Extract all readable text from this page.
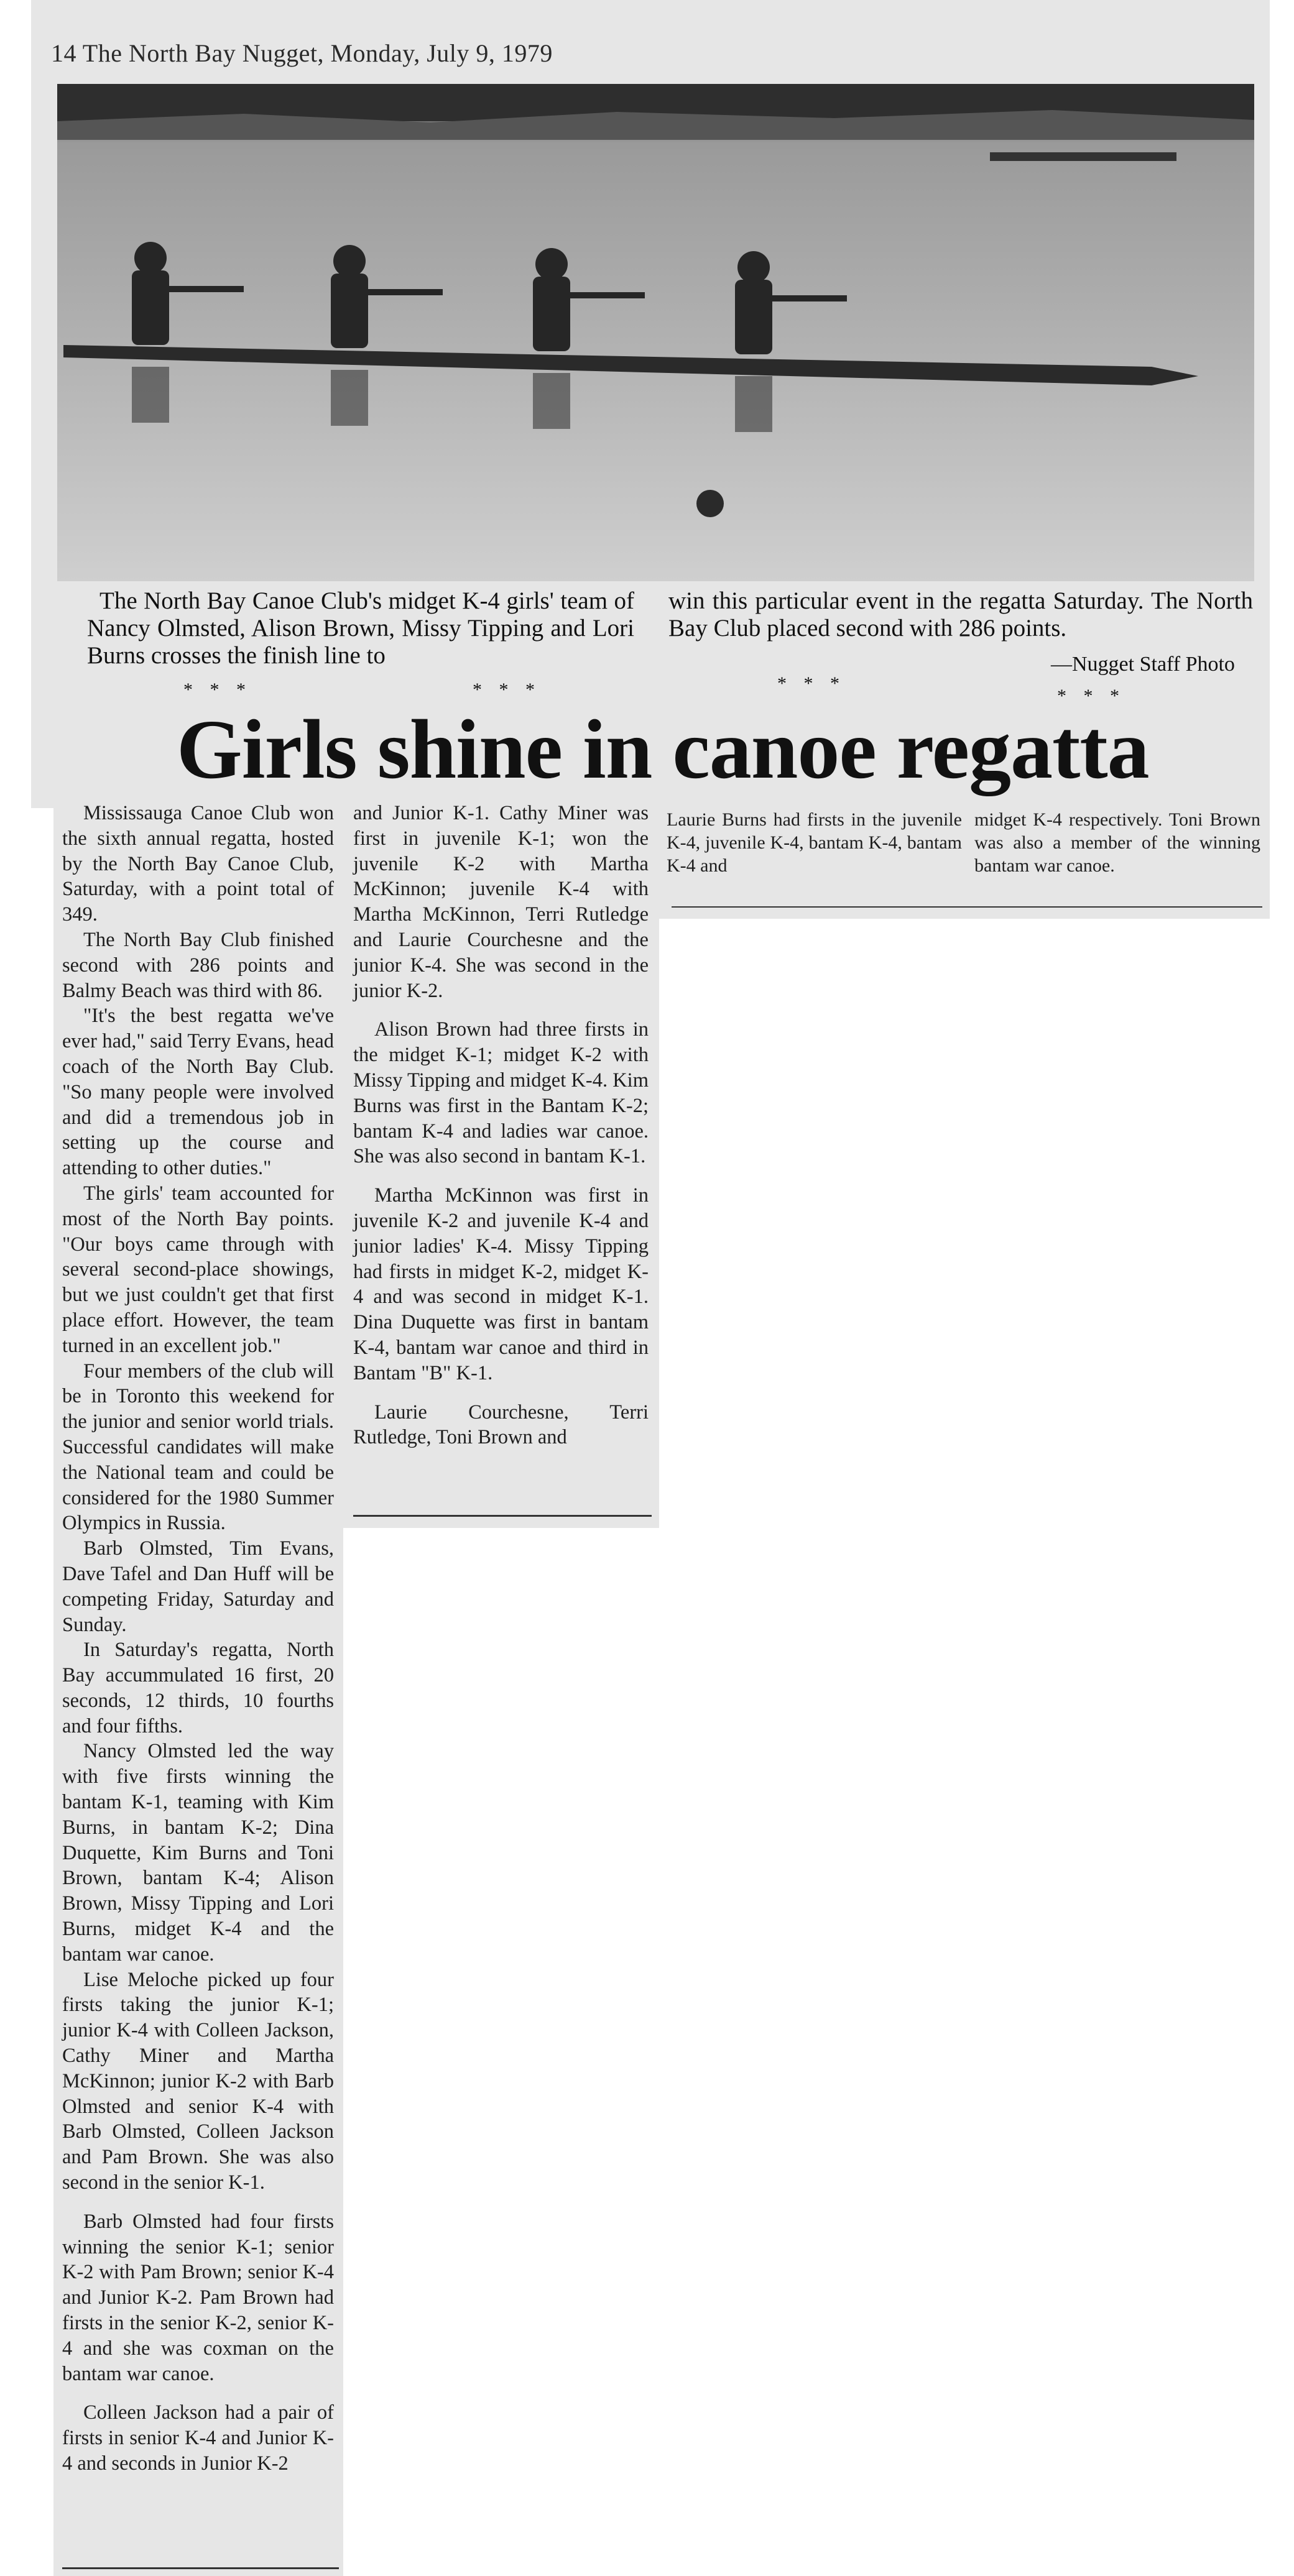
14 The North Bay Nugget, Monday, July 9, 1979
The North Bay Canoe Club's midget K-4 girls' team of Nancy Olmsted, Alison Brown, Missy Tipping and Lori Burns crosses the finish line to
win this particular event in the regatta Saturday. The North Bay Club placed second with 286 points.
—Nugget Staff Photo
* * *	* * *	* * *
* * *
Girls shine in canoe regatta

Mississauga Canoe Club won the sixth annual regatta, hosted by the North Bay Canoe Club, Saturday, with a point total of 349.

The North Bay Club finished second with 286 points and Balmy Beach was third with 86.

"It's the best regatta we've ever had," said Terry Evans, head coach of the North Bay Club. "So many people were involved and did a tremendous job in setting up the course and attending to other duties."

The girls' team accounted for most of the North Bay points. "Our boys came through with several second-place showings, but we just couldn't get that first place effort. However, the team turned in an excellent job."

Four members of the club will be in Toronto this weekend for the junior and senior world trials. Successful candidates will make the National team and could be considered for the 1980 Summer Olympics in Russia.

Barb Olmsted, Tim Evans, Dave Tafel and Dan Huff will be competing Friday, Saturday and Sunday.

In Saturday's regatta, North Bay accummulated 16 first, 20 seconds, 12 thirds, 10 fourths and four fifths.

Nancy Olmsted led the way with five firsts winning the bantam K-1, teaming with Kim Burns, in bantam K-2; Dina Duquette, Kim Burns and Toni Brown, bantam K-4; Alison Brown, Missy Tipping and Lori Burns, midget K-4 and the bantam war canoe.

Lise Meloche picked up four firsts taking the junior K-1; junior K-4 with Colleen Jackson, Cathy Miner and Martha McKinnon; junior K-2 with Barb Olmsted and senior K-4 with Barb Olmsted, Colleen Jackson and Pam Brown. She was also second in the senior K-1.

Barb Olmsted had four firsts winning the senior K-1; senior K-2 with Pam Brown; senior K-4 and Junior K-2. Pam Brown had firsts in the senior K-2, senior K-4 and she was coxman on the bantam war canoe.

Colleen Jackson had a pair of firsts in senior K-4 and Junior K-4 and seconds in Junior K-2

and Junior K-1. Cathy Miner was first in juvenile K-1; won the juvenile K-2 with Martha McKinnon; juvenile K-4 with Martha McKinnon, Terri Rutledge and Laurie Courchesne and the junior K-4. She was second in the junior K-2.

Alison Brown had three firsts in the midget K-1; midget K-2 with Missy Tipping and midget K-4. Kim Burns was first in the Bantam K-2; bantam K-4 and ladies war canoe. She was also second in bantam K-1.

Martha McKinnon was first in juvenile K-2 and juvenile K-4 and junior ladies' K-4. Missy Tipping had firsts in midget K-2, midget K-4 and was second in midget K-1. Dina Duquette was first in bantam K-4, bantam war canoe and third in Bantam "B" K-1.

Laurie Courchesne, Terri Rutledge, Toni Brown and

Laurie Burns had firsts in the juvenile K-4, juvenile K-4, bantam K-4, bantam K-4 and

midget K-4 respectively. Toni Brown was also a member of the winning bantam war canoe.
